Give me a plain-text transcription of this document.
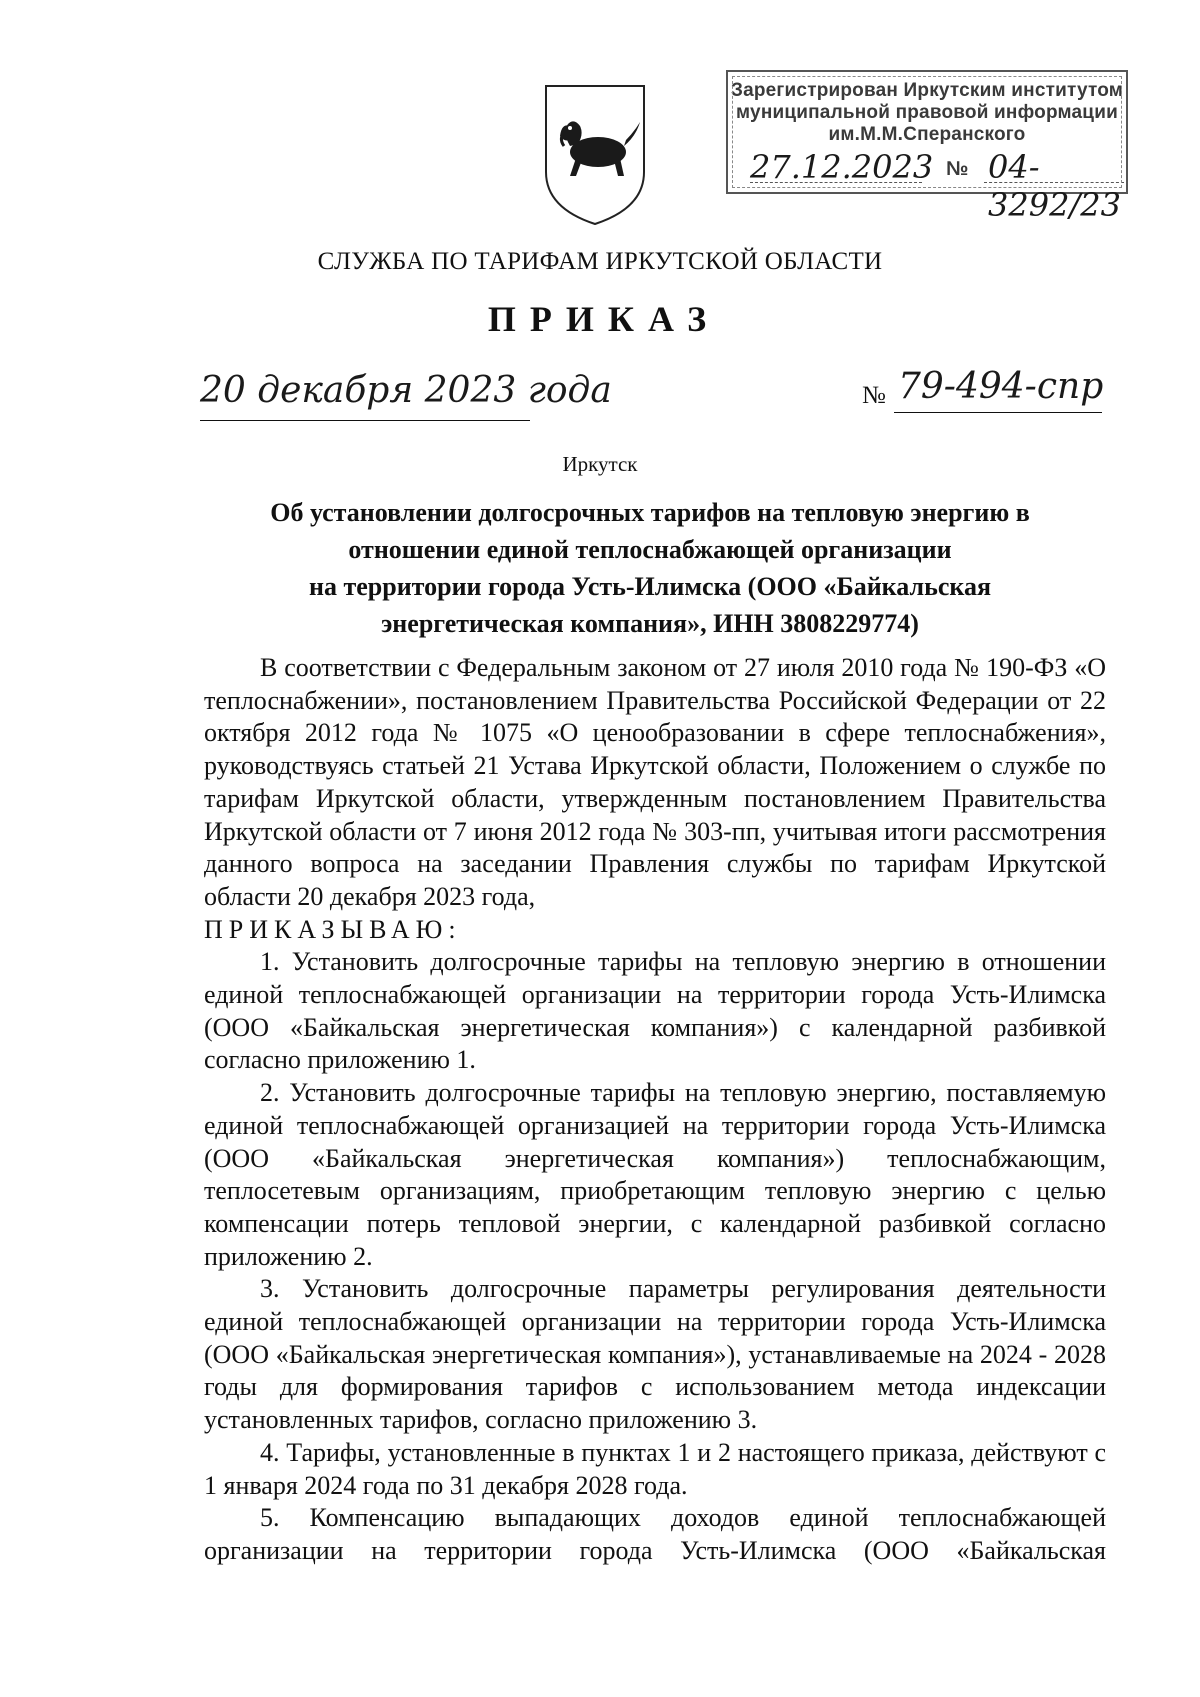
Зарегистрирован Иркутским институтом
муниципальной правовой информации
им.М.М.Сперанского
27.12.2023 № 04-3292/23
СЛУЖБА ПО ТАРИФАМ ИРКУТСКОЙ ОБЛАСТИ
ПРИКАЗ
20 декабря 2023 года	№ 79-494-спр
Иркутск
Об установлении долгосрочных тарифов на тепловую энергию в
отношении единой теплоснабжающей организации
на территории города Усть-Илимска (ООО «Байкальская
энергетическая компания», ИНН 3808229774)

В соответствии с Федеральным законом от 27 июля 2010 года № 190-ФЗ «О теплоснабжении», постановлением Правительства Российской Федерации от 22 октября 2012 года № 1075 «О ценообразовании в сфере теплоснабжения», руководствуясь статьей 21 Устава Иркутской области, Положением о службе по тарифам Иркутской области, утвержденным постановлением Правительства Иркутской области от 7 июня 2012 года № 303-пп, учитывая итоги рассмотрения данного вопроса на заседании Правления службы по тарифам Иркутской области 20 декабря 2023 года,

ПРИКАЗЫВАЮ:

1. Установить долгосрочные тарифы на тепловую энергию в отношении единой теплоснабжающей организации на территории города Усть-Илимска (ООО «Байкальская энергетическая компания») с календарной разбивкой согласно приложению 1.

2. Установить долгосрочные тарифы на тепловую энергию, поставляемую единой теплоснабжающей организацией на территории города Усть-Илимска (ООО «Байкальская энергетическая компания») теплоснабжающим, теплосетевым организациям, приобретающим тепловую энергию с целью компенсации потерь тепловой энергии, с календарной разбивкой согласно приложению 2.

3. Установить долгосрочные параметры регулирования деятельности единой теплоснабжающей организации на территории города Усть-Илимска (ООО «Байкальская энергетическая компания»), устанавливаемые на 2024 - 2028 годы для формирования тарифов с использованием метода индексации установленных тарифов, согласно приложению 3.

4. Тарифы, установленные в пунктах 1 и 2 настоящего приказа, действуют с 1 января 2024 года по 31 декабря 2028 года.

5. Компенсацию выпадающих доходов единой теплоснабжающей организации на территории города Усть-Илимска (ООО «Байкальская
